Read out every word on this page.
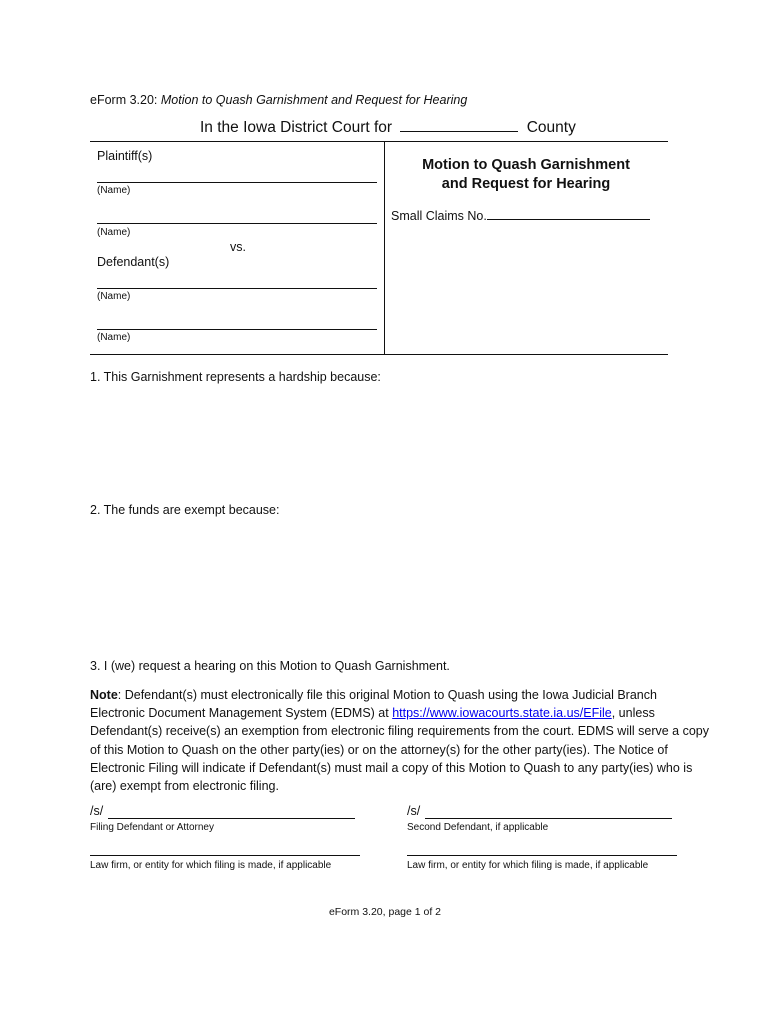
eForm 3.20: Motion to Quash Garnishment and Request for Hearing
In the Iowa District Court for	County
Plaintiff(s)
(Name)
(Name)
vs.
Defendant(s)
(Name)
(Name)
Motion to Quash Garnishment
and Request for Hearing
Small Claims No.
1. This Garnishment represents a hardship because:
2. The funds are exempt because:
3. I (we) request a hearing on this Motion to Quash Garnishment.
Note: Defendant(s) must electronically file this original Motion to Quash using the Iowa Judicial Branch Electronic Document Management System (EDMS) at https://www.iowacourts.state.ia.us/EFile, unless Defendant(s) receive(s) an exemption from electronic filing requirements from the court. EDMS will serve a copy of this Motion to Quash on the other party(ies) or on the attorney(s) for the other party(ies). The Notice of Electronic Filing will indicate if Defendant(s) must mail a copy of this Motion to Quash to any party(ies) who is (are) exempt from electronic filing.
/s/
Filing Defendant or Attorney
/s/
Second Defendant, if applicable
Law firm, or entity for which filing is made, if applicable	Law firm, or entity for which filing is made, if applicable
eForm 3.20, page 1 of 2
